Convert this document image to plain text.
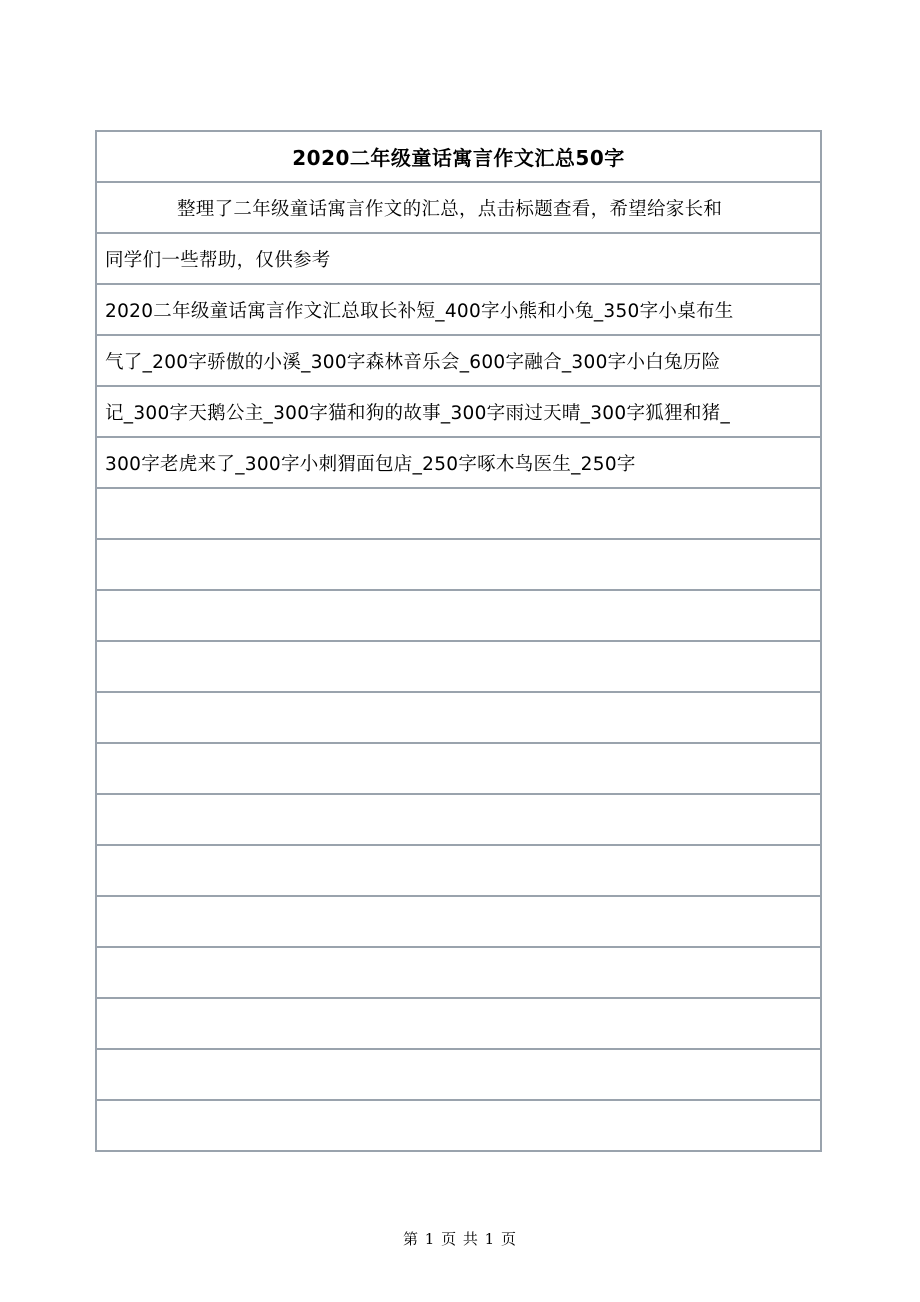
2020二年级童话寓言作文汇总50字
整理了二年级童话寓言作文的汇总，点击标题查看，希望给家长和
同学们一些帮助，仅供参考
2020二年级童话寓言作文汇总取长补短_400字小熊和小兔_350字小桌布生
气了_200字骄傲的小溪_300字森林音乐会_600字融合_300字小白兔历险
记_300字天鹅公主_300字猫和狗的故事_300字雨过天晴_300字狐狸和猪_
300字老虎来了_300字小刺猬面包店_250字啄木鸟医生_250字
第 1 页 共 1 页
